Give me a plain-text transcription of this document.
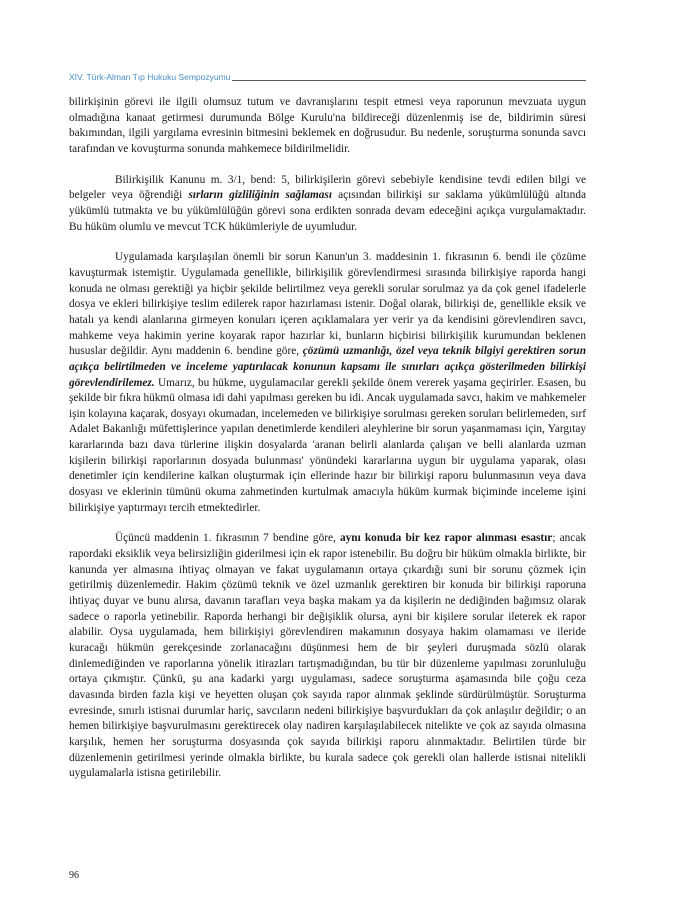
XIV. Türk-Alman Tıp Hukuku Sempozyumu

bilirkişinin görevi ile ilgili olumsuz tutum ve davranışlarını tespit etmesi veya raporunun mevzuata uygun olmadığına kanaat getirmesi durumunda Bölge Kurulu'na bildireceği düzenlenmiş ise de, bildirimin süresi bakımından, ilgili yargılama evresinin bitmesini beklemek en doğrusudur. Bu nedenle, soruşturma sonunda savcı tarafından ve kovuşturma sonunda mahkemece bildirilmelidir.

Bilirkişilik Kanunu m. 3/1, bend: 5, bilirkişilerin görevi sebebiyle kendisine tevdi edilen bilgi ve belgeler veya öğrendiği sırların gizliliğinin sağlaması açısından bilirkişi sır saklama yükümlülüğü altında yükümlü tutmakta ve bu yükümlülüğün görevi sona erdikten sonrada devam edeceğini açıkça vurgulamaktadır. Bu hüküm olumlu ve mevcut TCK hükümleriyle de uyumludur.

Uygulamada karşılaşılan önemli bir sorun Kanun'un 3. maddesinin 1. fıkrasının 6. bendi ile çözüme kavuşturmak istemiştir. Uygulamada genellikle, bilirkişilik görevlendirmesi sırasında bilirkişiye raporda hangi konuda ne olması gerektiği ya hiçbir şekilde belirtilmez veya gerekli sorular sorulmaz ya da çok genel ifadelerle dosya ve ekleri bilirkişiye teslim edilerek rapor hazırlaması istenir. Doğal olarak, bilirkişi de, genellikle eksik ve hatalı ya kendi alanlarına girmeyen konuları içeren açıklamalara yer verir ya da kendisini görevlendiren savcı, mahkeme veya hakimin yerine koyarak rapor hazırlar ki, bunların hiçbirisi bilirkişilik kurumundan beklenen hususlar değildir. Aynı maddenin 6. bendine göre, çözümü uzmanlığı, özel veya teknik bilgiyi gerektiren sorun açıkça belirtilmeden ve inceleme yaptırılacak konunun kapsamı ile sınırları açıkça gösterilmeden bilirkişi görevlendirilemez. Umarız, bu hükme, uygulamacılar gerekli şekilde önem vererek yaşama geçirirler. Esasen, bu şekilde bir fıkra hükmü olmasa idi dahi yapılması gereken bu idi. Ancak uygulamada savcı, hakim ve mahkemeler işin kolayına kaçarak, dosyayı okumadan, incelemeden ve bilirkişiye sorulması gereken soruları belirlemeden, sırf Adalet Bakanlığı müfettişlerince yapılan denetimlerde kendileri aleyhlerine bir sorun yaşanmaması için, Yargıtay kararlarında bazı dava türlerine ilişkin dosyalarda 'aranan belirli alanlarda çalışan ve belli alanlarda uzman kişilerin bilirkişi raporlarının dosyada bulunması' yönündeki kararlarına uygun bir uygulama yaparak, olası denetimler için kendilerine kalkan oluşturmak için ellerinde hazır bir bilirkişi raporu bulunmasının veya dava dosyası ve eklerinin tümünü okuma zahmetinden kurtulmak amacıyla hüküm kurmak biçiminde inceleme işini bilirkişiye yaptırmayı tercih etmektedirler.

Üçüncü maddenin 1. fıkrasının 7 bendine göre, aynı konuda bir kez rapor alınması esastır; ancak rapordaki eksiklik veya belirsizliğin giderilmesi için ek rapor istenebilir. Bu doğru bir hüküm olmakla birlikte, bir kanunda yer almasına ihtiyaç olmayan ve fakat uygulamanın ortaya çıkardığı suni bir sorunu çözmek için getirilmiş düzenlemedir. Hakim çözümü teknik ve özel uzmanlık gerektiren bir konuda bir bilirkişi raporuna ihtiyaç duyar ve bunu alırsa, davanın tarafları veya başka makam ya da kişilerin ne dediğinden bağımsız olarak sadece o raporla yetinebilir. Raporda herhangi bir değişiklik olursa, ayni bir kişilere sorular ileterek ek rapor alabilir. Oysa uygulamada, hem bilirkişiyi görevlendiren makamının dosyaya hakim olamaması ve ileride kuracağı hükmün gerekçesinde zorlanacağını düşünmesi hem de bir şeyleri duruşmada sözlü olarak dinlemediğinden ve raporlarına yönelik itirazları tartışmadığından, bu tür bir düzenleme yapılması zorunluluğu ortaya çıkmıştır. Çünkü, şu ana kadarki yargı uygulaması, sadece soruşturma aşamasında bile çoğu ceza davasında birden fazla kişi ve heyetten oluşan çok sayıda rapor alınmak şeklinde sürdürülmüştür. Soruşturma evresinde, sınırlı istisnai durumlar hariç, savcıların nedeni bilirkişiye başvurdukları da çok anlaşılır değildir; o an hemen bilirkişiye başvurulmasını gerektirecek olay nadiren karşılaşılabilecek nitelikte ve çok az sayıda olmasına karşılık, hemen her soruşturma dosyasında çok sayıda bilirkişi raporu alınmaktadır. Belirtilen türde bir düzenlemenin getirilmesi yerinde olmakla birlikte, bu kurala sadece çok gerekli olan hallerde istisnai nitelikli uygulamalarla istisna getirilebilir.

96
